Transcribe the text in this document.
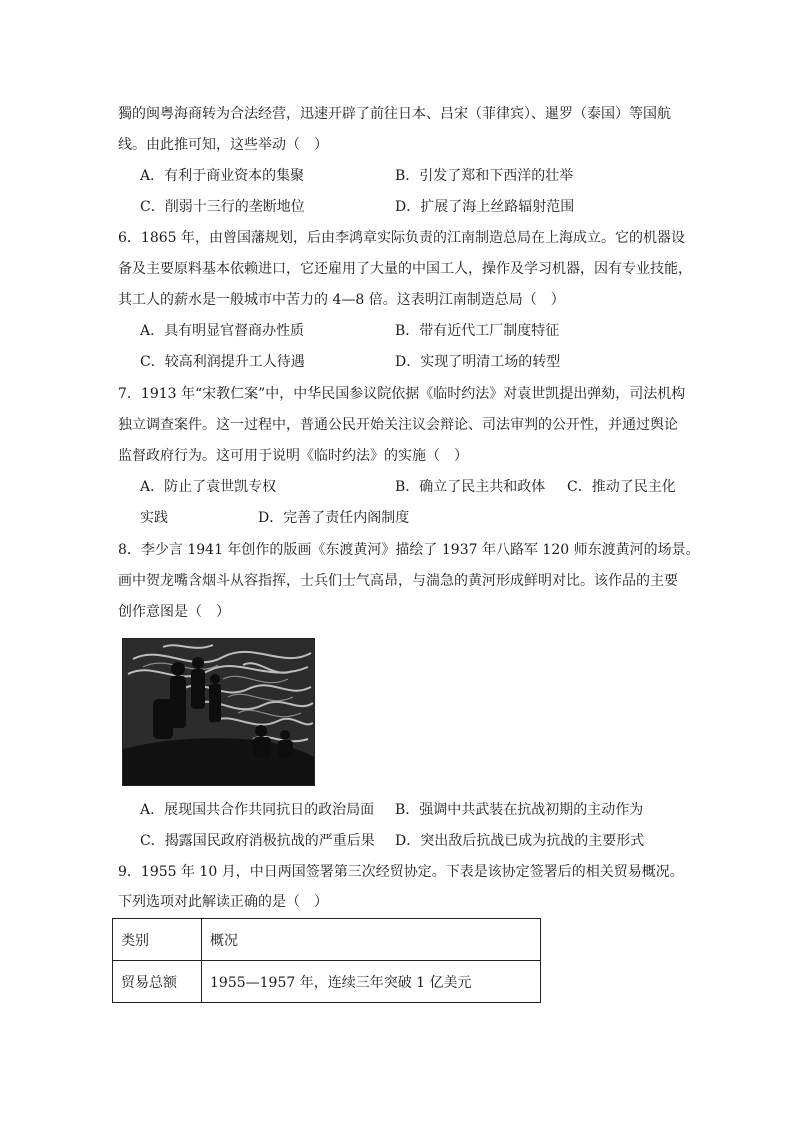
獨的闽粤海商转为合法经营，迅速开辟了前往日本、吕宋（菲律宾）、暹罗（泰国）等国航
线。由此推可知，这些举动（　）
A．有利于商业资本的集聚	B．引发了郑和下西洋的壮举
C．削弱十三行的垄断地位	D．扩展了海上丝路辐射范围
6．1865 年，由曾国藩规划，后由李鸿章实际负责的江南制造总局在上海成立。它的机器设
备及主要原料基本依赖进口，它还雇用了大量的中国工人，操作及学习机器，因有专业技能，
其工人的薪水是一般城市中苦力的 4—8 倍。这表明江南制造总局（　）
A．具有明显官督商办性质	B．带有近代工厂制度特征
C．较高利润提升工人待遇	D．实现了明清工场的转型
7．1913 年“宋教仁案”中，中华民国参议院依据《临时约法》对袁世凯提出弹劾，司法机构
独立调查案件。这一过程中，普通公民开始关注议会辩论、司法审判的公开性，并通过舆论
监督政府行为。这可用于说明《临时约法》的实施（　）
A．防止了袁世凯专权	B．确立了民主共和政体 C．推动了民主化
实践	D．完善了责任内阁制度
8．李少言 1941 年创作的版画《东渡黄河》描绘了 1937 年八路军 120 师东渡黄河的场景。
画中贺龙嘴含烟斗从容指挥，士兵们士气高昂，与湍急的黄河形成鲜明对比。该作品的主要
创作意图是（　）
A．展现国共合作共同抗日的政治局面 B．强调中共武装在抗战初期的主动作为
C．揭露国民政府消极抗战的严重后果 D．突出敌后抗战已成为抗战的主要形式
9．1955 年 10 月，中日两国签署第三次经贸协定。下表是该协定签署后的相关贸易概况。
下列选项对此解读正确的是（　）
类别	概况
贸易总额	1955—1957 年，连续三年突破 1 亿美元
